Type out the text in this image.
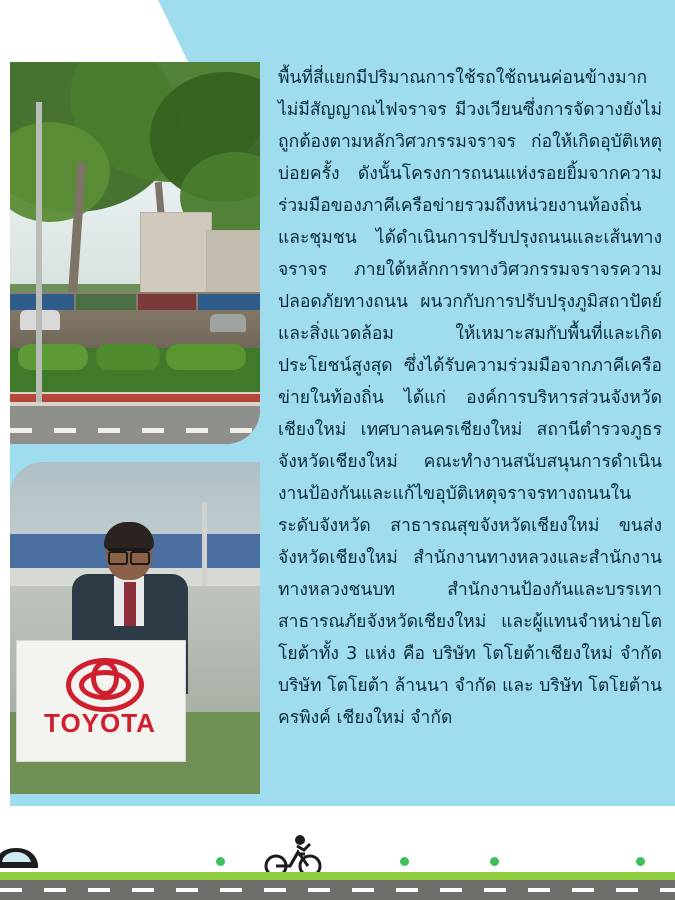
TOYOTA
พื้นที่สี่แยกมีปริมาณการใช้รถใช้ถนนค่อนข้างมาก ไม่มีสัญญาณไฟจราจร มีวงเวียนซึ่งการจัดวางยังไม่ถูกต้องตามหลักวิศวกรรมจราจร ก่อให้เกิดอุบัติเหตุบ่อยครั้ง ดังนั้นโครงการถนนแห่งรอยยิ้มจากความร่วมมือของภาคีเครือข่ายรวมถึงหน่วยงานท้องถิ่นและชุมชน ได้ดำเนินการปรับปรุงถนนและเส้นทางจราจร ภายใต้หลักการทางวิศวกรรมจราจรความปลอดภัยทางถนน ผนวกกับการปรับปรุงภูมิสถาปัตย์และสิ่งแวดล้อม ให้เหมาะสมกับพื้นที่และเกิดประโยชน์สูงสุด ซึ่งได้รับความร่วมมือจากภาคีเครือข่ายในท้องถิ่น ได้แก่ องค์การบริหารส่วนจังหวัดเชียงใหม่ เทศบาลนครเชียงใหม่ สถานีตำรวจภูธรจังหวัดเชียงใหม่ คณะทำงานสนับสนุนการดำเนินงานป้องกันและแก้ไขอุบัติเหตุจราจรทางถนนในระดับจังหวัด สาธารณสุขจังหวัดเชียงใหม่ ขนส่งจังหวัดเชียงใหม่ สำนักงานทางหลวงและสำนักงานทางหลวงชนบท สำนักงานป้องกันและบรรเทาสาธารณภัยจังหวัดเชียงใหม่ และผู้แทนจำหน่ายโตโยต้าทั้ง 3 แห่ง คือ บริษัท โตโยต้าเชียงใหม่ จำกัด บริษัท โตโยต้า ล้านนา จำกัด และ บริษัท โตโยต้านครพิงค์ เชียงใหม่ จำกัด
